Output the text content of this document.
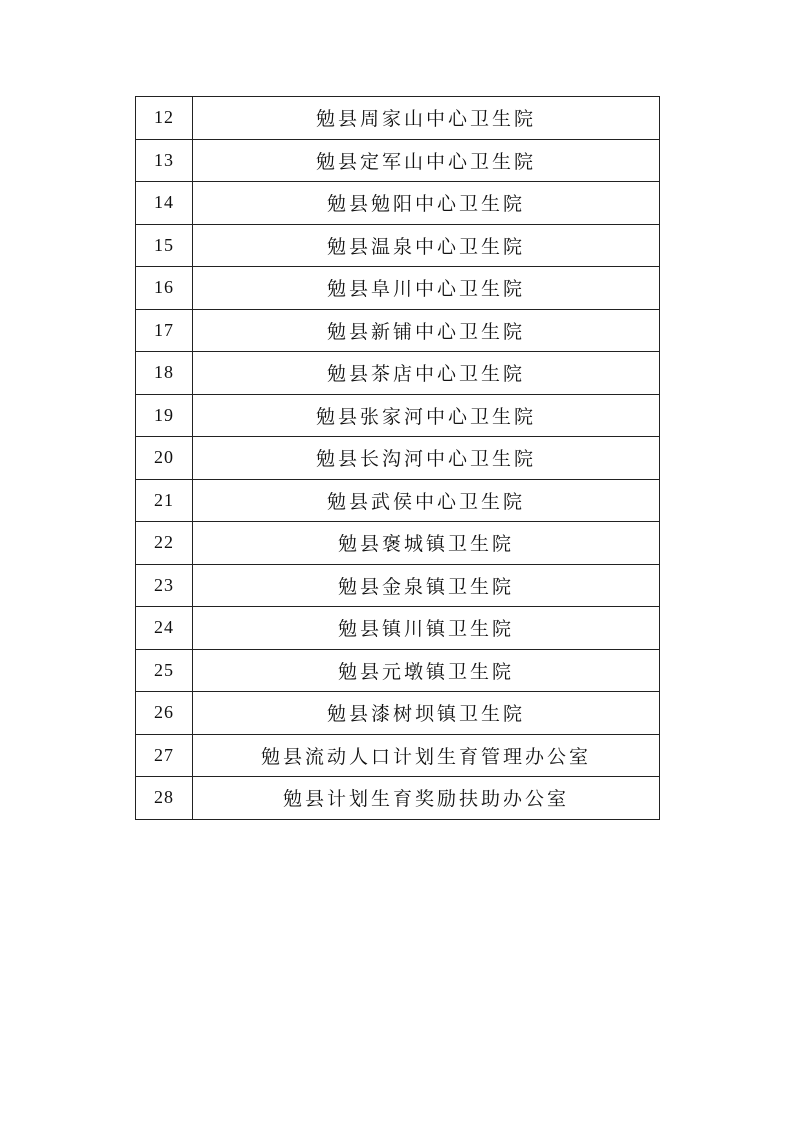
12	勉县周家山中心卫生院
13	勉县定军山中心卫生院
14	勉县勉阳中心卫生院
15	勉县温泉中心卫生院
16	勉县阜川中心卫生院
17	勉县新铺中心卫生院
18	勉县茶店中心卫生院
19	勉县张家河中心卫生院
20	勉县长沟河中心卫生院
21	勉县武侯中心卫生院
22	勉县褒城镇卫生院
23	勉县金泉镇卫生院
24	勉县镇川镇卫生院
25	勉县元墩镇卫生院
26	勉县漆树坝镇卫生院
27	勉县流动人口计划生育管理办公室
28	勉县计划生育奖励扶助办公室
